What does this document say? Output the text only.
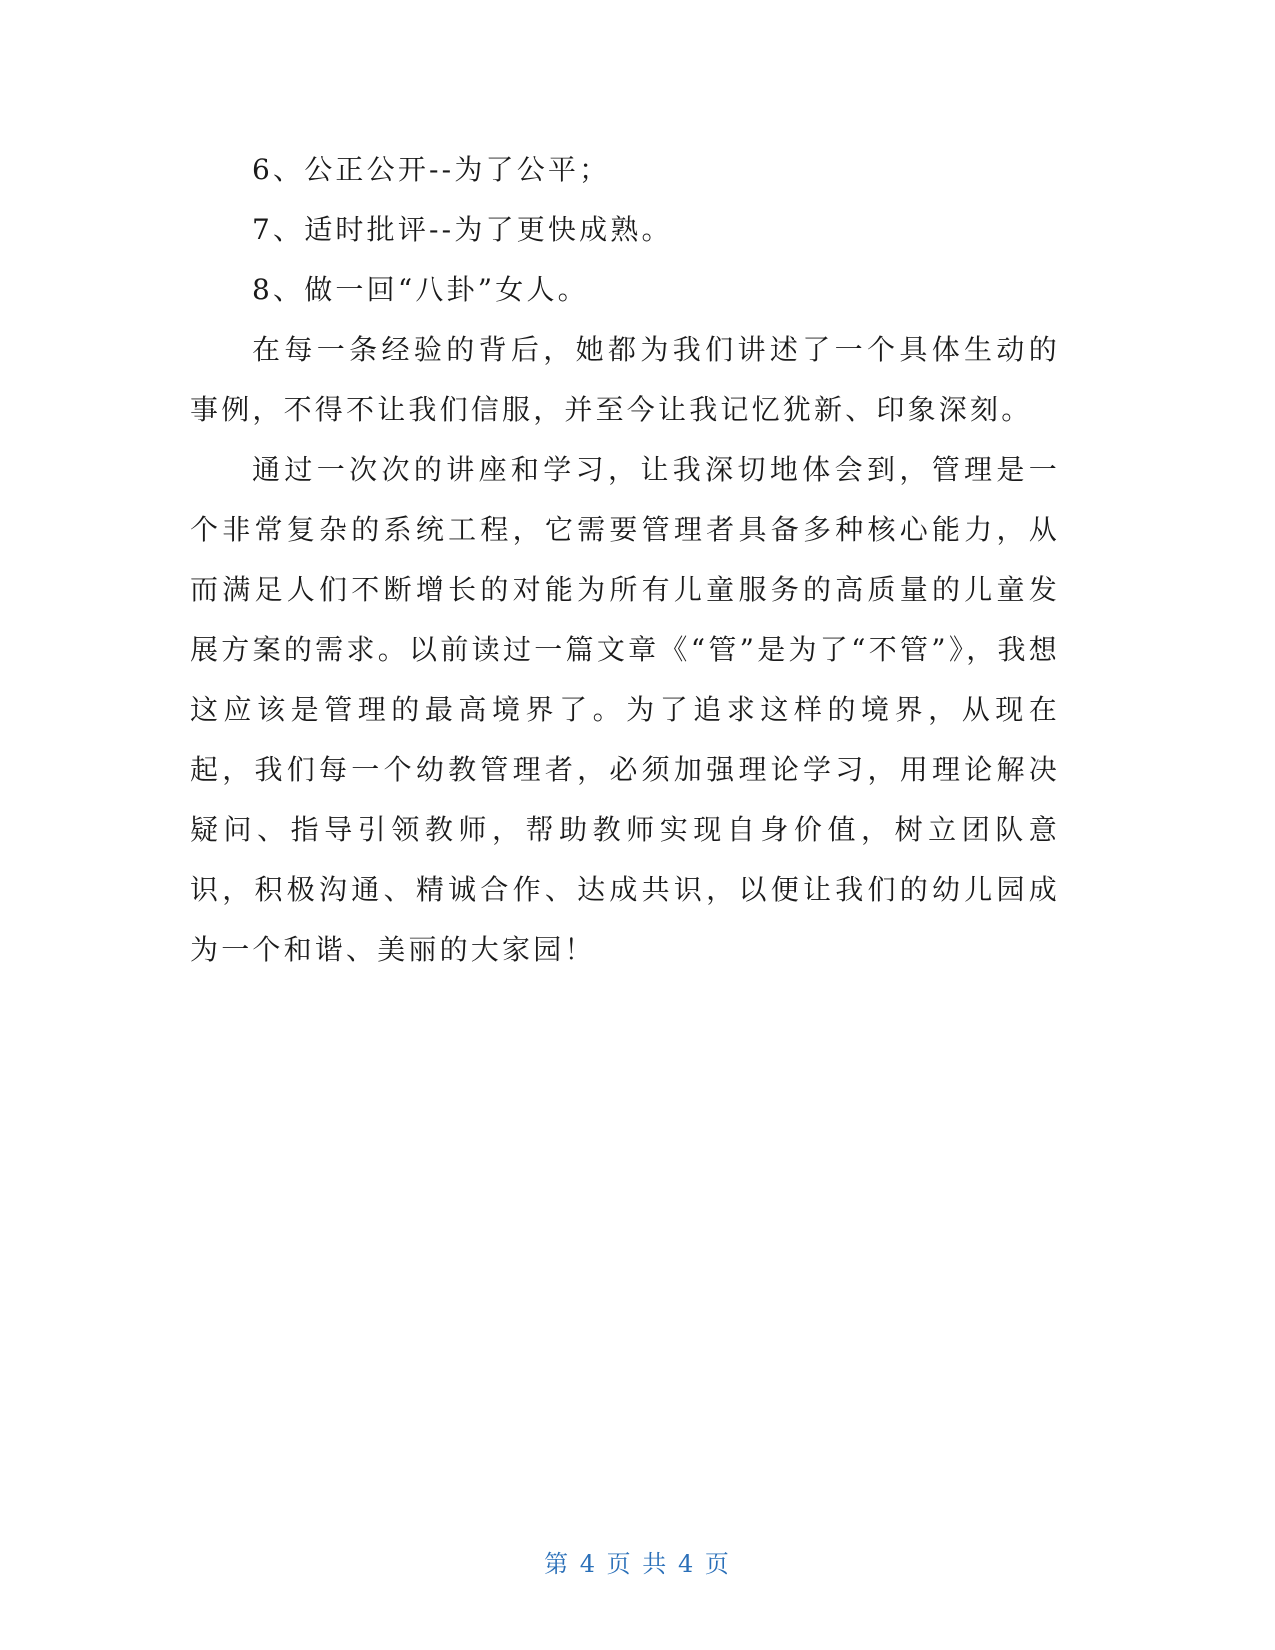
6、公正公开--为了公平；

7、适时批评--为了更快成熟。

8、做一回“八卦”女人。

在每一条经验的背后，她都为我们讲述了一个具体生动的事例，不得不让我们信服，并至今让我记忆犹新、印象深刻。

通过一次次的讲座和学习，让我深切地体会到，管理是一个非常复杂的系统工程，它需要管理者具备多种核心能力，从而满足人们不断增长的对能为所有儿童服务的高质量的儿童发展方案的需求。以前读过一篇文章《“管”是为了“不管”》，我想这应该是管理的最高境界了。为了追求这样的境界，从现在起，我们每一个幼教管理者，必须加强理论学习，用理论解决疑问、指导引领教师，帮助教师实现自身价值，树立团队意识，积极沟通、精诚合作、达成共识，以便让我们的幼儿园成为一个和谐、美丽的大家园！

第 4 页 共 4 页
